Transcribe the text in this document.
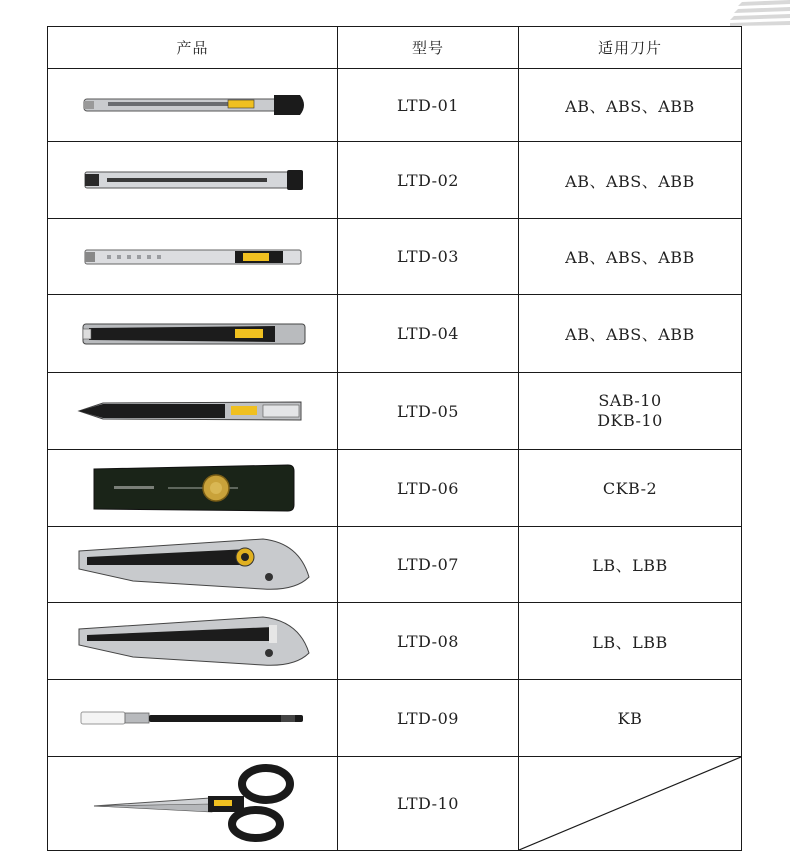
产品	型号	适用刀片

	LTD-01	AB、ABS、ABB

	LTD-02	AB、ABS、ABB

	LTD-03	AB、ABS、ABB

	LTD-04	AB、ABS、ABB

	LTD-05	SAB-10
DKB-10

	LTD-06	CKB-2

	LTD-07	LB、LBB

	LTD-08	LB、LBB

	LTD-09	KB

	LTD-10	
